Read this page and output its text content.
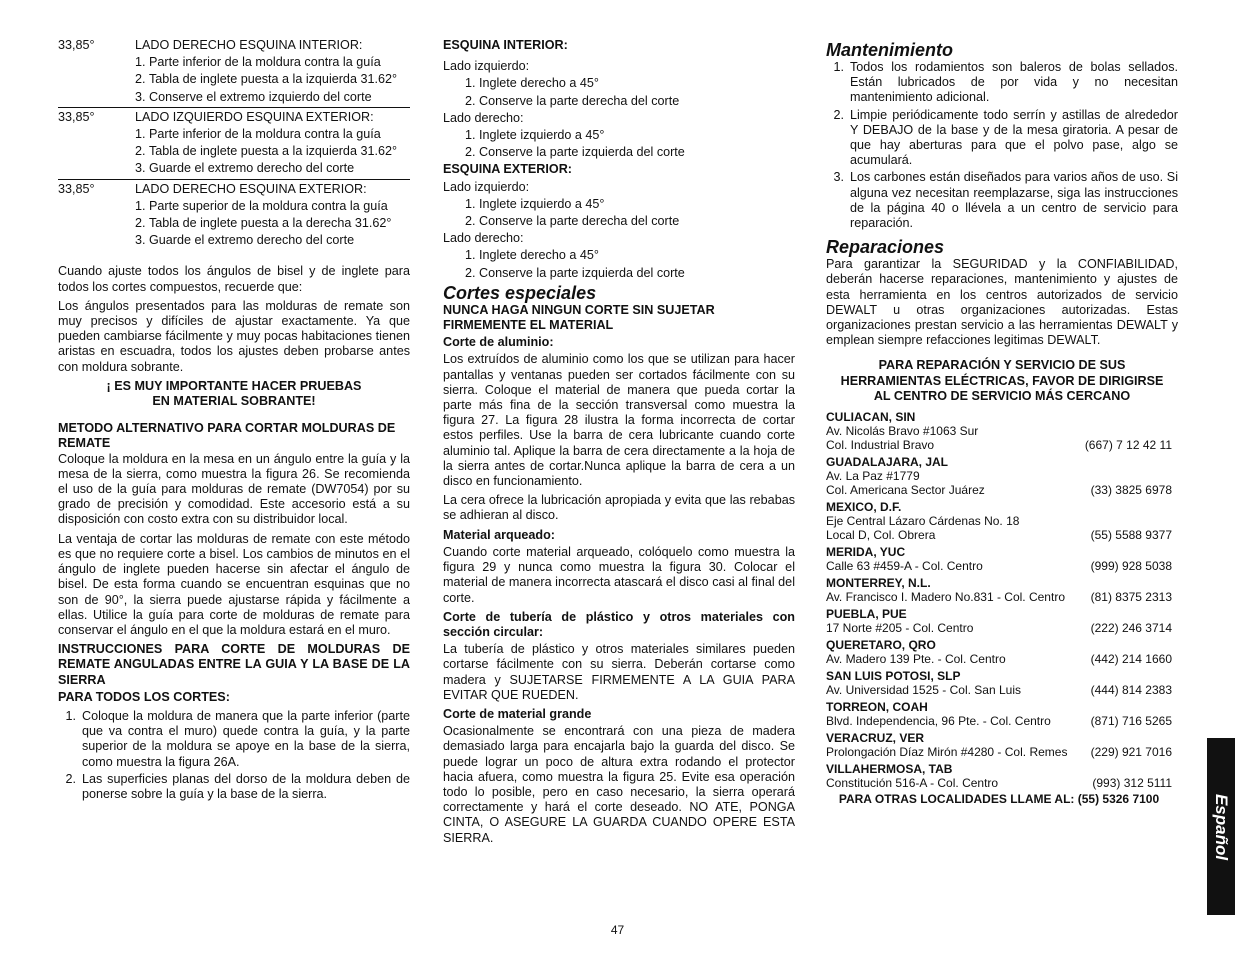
33,85°	LADO DERECHO ESQUINA INTERIOR:
1. Parte inferior de la moldura contra la guía
2. Tabla de inglete puesta a la izquierda 31.62°
3. Conserve el extremo izquierdo del corte
33,85°	LADO IZQUIERDO ESQUINA EXTERIOR:
1. Parte inferior de la moldura contra la guía
2. Tabla de inglete puesta a la izquierda 31.62°
3. Guarde el extremo derecho del corte
33,85°	LADO DERECHO ESQUINA EXTERIOR:
1. Parte superior de la moldura contra la guía
2. Tabla de inglete puesta a la derecha 31.62°
3. Guarde el extremo derecho del corte

Cuando ajuste todos los ángulos de bisel y de inglete para todos los cortes compuestos, recuerde que:

Los ángulos presentados para las molduras de remate son muy precisos y difíciles de ajustar exactamente. Ya que pueden cambiarse fácilmente y muy pocas habitaciones tienen aristas en escuadra, todos los ajustes deben probarse antes con moldura sobrante.

¡ ES MUY IMPORTANTE HACER PRUEBAS
EN MATERIAL SOBRANTE!

METODO ALTERNATIVO PARA CORTAR MOLDURAS DE REMATE

Coloque la moldura en la mesa en un ángulo entre la guía y la mesa de la sierra, como muestra la figura 26. Se recomienda el uso de la guía para molduras de remate (DW7054) por su grado de precisión y comodidad. Este accesorio está a su disposición con costo extra con su distribuidor local.

La ventaja de cortar las molduras de remate con este método es que no requiere corte a bisel. Los cambios de minutos en el ángulo de inglete pueden hacerse sin afectar el ángulo de bisel. De esta forma cuando se encuentran esquinas que no son de 90°, la sierra puede ajustarse rápida y fácilmente a ellas. Utilice la guía para corte de molduras de remate para conservar el ángulo en el que la moldura estará en el muro.

INSTRUCCIONES PARA CORTE DE MOLDURAS DE REMATE ANGULADAS ENTRE LA GUIA Y LA BASE DE LA SIERRA

PARA TODOS LOS CORTES:

1. Coloque la moldura de manera que la parte inferior (parte que va contra el muro) quede contra la guía, y la parte superior de la moldura se apoye en la base de la sierra, como muestra la figura 26A.
2. Las superficies planas del dorso de la moldura deben de ponerse sobre la guía y la base de la sierra.

ESQUINA INTERIOR:

Lado izquierdo:
1. Inglete derecho a 45°
2. Conserve la parte derecha del corte
Lado derecho:
1. Inglete izquierdo a 45°
2. Conserve la parte izquierda del corte
ESQUINA EXTERIOR:
Lado izquierdo:
1. Inglete izquierdo a 45°
2. Conserve la parte derecha del corte
Lado derecho:
1. Inglete derecho a 45°
2. Conserve la parte izquierda del corte
Cortes especiales

NUNCA HAGA NINGUN CORTE SIN SUJETAR FIRMEMENTE EL MATERIAL

Corte de aluminio:

Los extruídos de aluminio como los que se utilizan para hacer pantallas y ventanas pueden ser cortados fácilmente con su sierra. Coloque el material de manera que pueda cortar la parte más fina de la sección transversal como muestra la figura 27. La figura 28 ilustra la forma incorrecta de cortar estos perfiles. Use la barra de cera lubricante cuando corte aluminio tal. Aplique la barra de cera directamente a la hoja de la sierra antes de cortar.Nunca aplique la barra de cera a un disco en funcionamiento.

La cera ofrece la lubricación apropiada y evita que las rebabas se adhieran al disco.

Material arqueado:

Cuando corte material arqueado, colóquelo como muestra la figura 29 y nunca como muestra la figura 30. Colocar el material de manera incorrecta atascará el disco casi al final del corte.

Corte de tubería de plástico y otros materiales con sección circular:

La tubería de plástico y otros materiales similares pueden cortarse fácilmente con su sierra. Deberán cortarse como madera y SUJETARSE FIRMEMENTE A LA GUIA PARA EVITAR QUE RUEDEN.

Corte de material grande

Ocasionalmente se encontrará con una pieza de madera demasiado larga para encajarla bajo la guarda del disco. Se puede lograr un poco de altura extra rodando el protector hacia afuera, como muestra la figura 25. Evite esa operación todo lo posible, pero en caso necesario, la sierra operará correctamente y hará el corte deseado. NO ATE, PONGA CINTA, O ASEGURE LA GUARDA CUANDO OPERE ESTA SIERRA.

Mantenimiento
1. Todos los rodamientos son baleros de bolas sellados. Están lubricados de por vida y no necesitan mantenimiento adicional.
2. Limpie periódicamente todo serrín y astillas de alrededor Y DEBAJO de la base y de la mesa giratoria. A pesar de que hay aberturas para que el polvo pase, algo se acumulará.
3. Los carbones están diseñados para varios años de uso. Si alguna vez necesitan reemplazarse, siga las instrucciones de la página 40 o llévela a un centro de servicio para reparación.
Reparaciones

Para garantizar la SEGURIDAD y la CONFIABILIDAD, deberán hacerse reparaciones, mantenimiento y ajustes de esta herramienta en los centros autorizados de servicio DEWALT u otras organizaciones autorizadas. Estas organizaciones prestan servicio a las herramientas DEWALT y emplean siempre refacciones legitimas DEWALT.

PARA REPARACIÓN Y SERVICIO DE SUS HERRAMIENTAS ELÉCTRICAS, FAVOR DE DIRIGIRSE AL CENTRO DE SERVICIO MÁS CERCANO
CULIACAN, SIN
Av. Nicolás Bravo #1063 Sur
Col. Industrial Bravo	(667) 7 12 42 11
GUADALAJARA, JAL
Av. La Paz #1779
Col. Americana Sector Juárez	(33) 3825 6978
MEXICO, D.F.
Eje Central Lázaro Cárdenas No. 18
Local D, Col. Obrera	(55) 5588 9377
MERIDA, YUC
Calle 63 #459-A - Col. Centro	(999) 928 5038
MONTERREY, N.L.
Av. Francisco I. Madero No.831 - Col. Centro (81) 8375 2313
PUEBLA, PUE
17 Norte #205 - Col. Centro	(222) 246 3714
QUERETARO, QRO
Av. Madero 139 Pte. - Col. Centro	(442) 214 1660
SAN LUIS POTOSI, SLP
Av. Universidad 1525 - Col. San Luis	(444) 814 2383
TORREON, COAH
Blvd. Independencia, 96 Pte. - Col. Centro	(871) 716 5265
VERACRUZ, VER
Prolongación Díaz Mirón #4280 - Col. Remes (229) 921 7016
VILLAHERMOSA, TAB
Constitución 516-A - Col. Centro	(993) 312 5111
PARA OTRAS LOCALIDADES LLAME AL: (55) 5326 7100	Español
47
